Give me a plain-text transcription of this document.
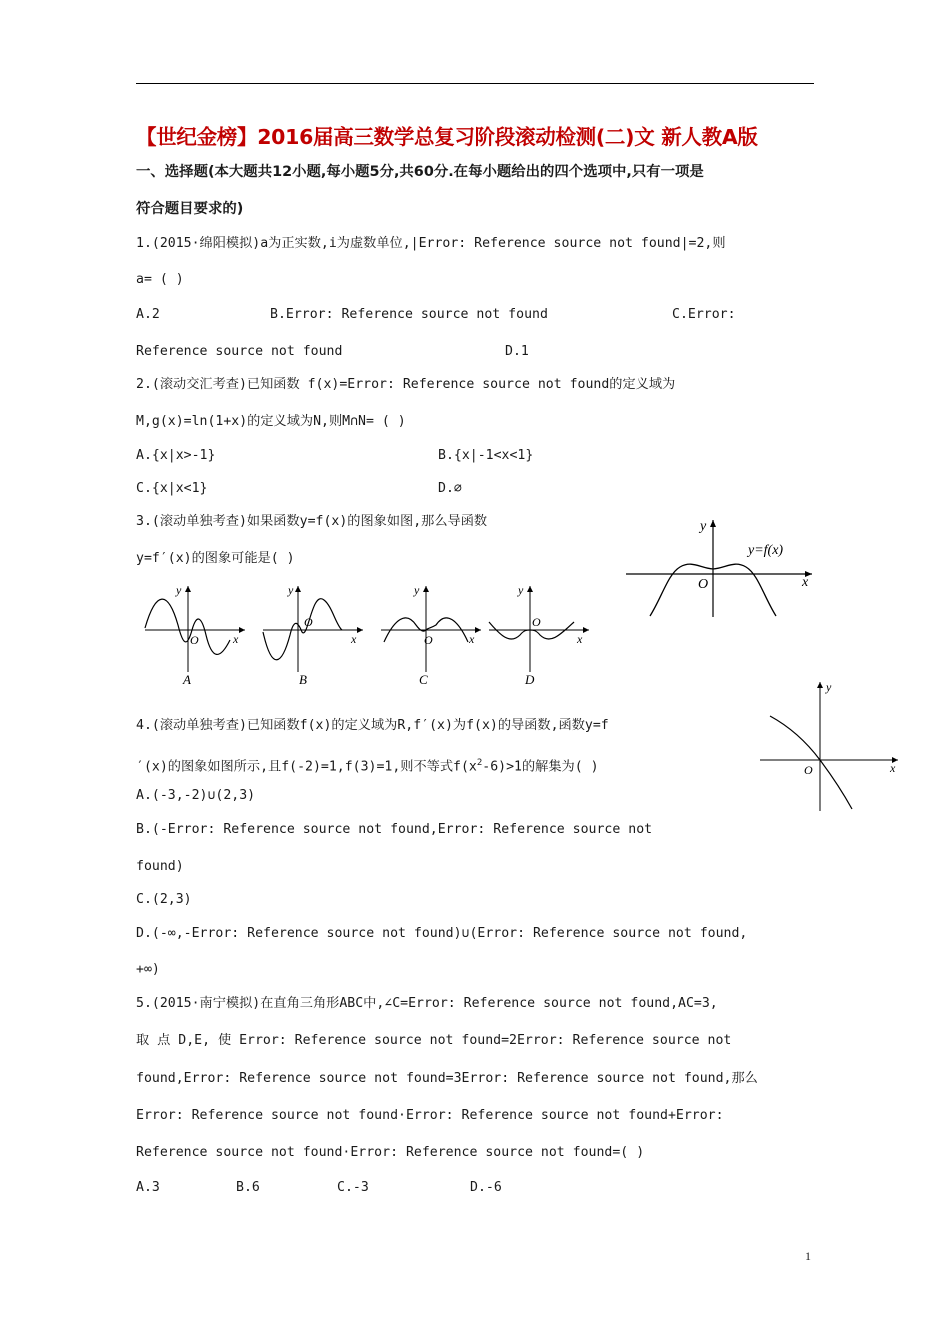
【世纪金榜】2016届高三数学总复习阶段滚动检测(二)文 新人教A版
一、选择题(本大题共12小题,每小题5分,共60分.在每小题给出的四个选项中,只有一项是
符合题目要求的)
1.(2015·绵阳模拟)a为正实数,i为虚数单位,|Error: Reference source not found|=2,则
a= ( )
A.2	B.Error: Reference source not found	C.Error:
Reference source not found	D.1
2.(滚动交汇考查)已知函数 f(x)=Error: Reference source not found的定义域为
M,g(x)=ln(1+x)的定义域为N,则M∩N= ( )
A.{x|x>-1}	B.{x|-1<x<1}
C.{x|x<1}	D.∅
3.(滚动单独考查)如果函数y=f(x)的图象如图,那么导函数
y=f′(x)的图象可能是( )
y
x
O
y=f(x)
y
x
O
A
y
x
O
B
y
x
O
C
y
x
O
D
4.(滚动单独考查)已知函数f(x)的定义域为R,f′(x)为f(x)的导函数,函数y=f
′(x)的图象如图所示,且f(-2)=1,f(3)=1,则不等式$f(x^2-6)>1$的解集为( )
y
x
O
A.(-3,-2)∪(2,3)
B.(-Error: Reference source not found,Error: Reference source not
found)
C.(2,3)
D.(-∞,-Error: Reference source not found)∪(Error: Reference source not found,
+∞)
5.(2015·南宁模拟)在直角三角形ABC中,∠C=Error: Reference source not found,AC=3,
取 点 D,E, 使 Error: Reference source not found=2Error: Reference source not
found,Error: Reference source not found=3Error: Reference source not found,那么
Error: Reference source not found·Error: Reference source not found+Error:
Reference source not found·Error: Reference source not found=( )
A.3	B.6	C.-3	D.-6
1
